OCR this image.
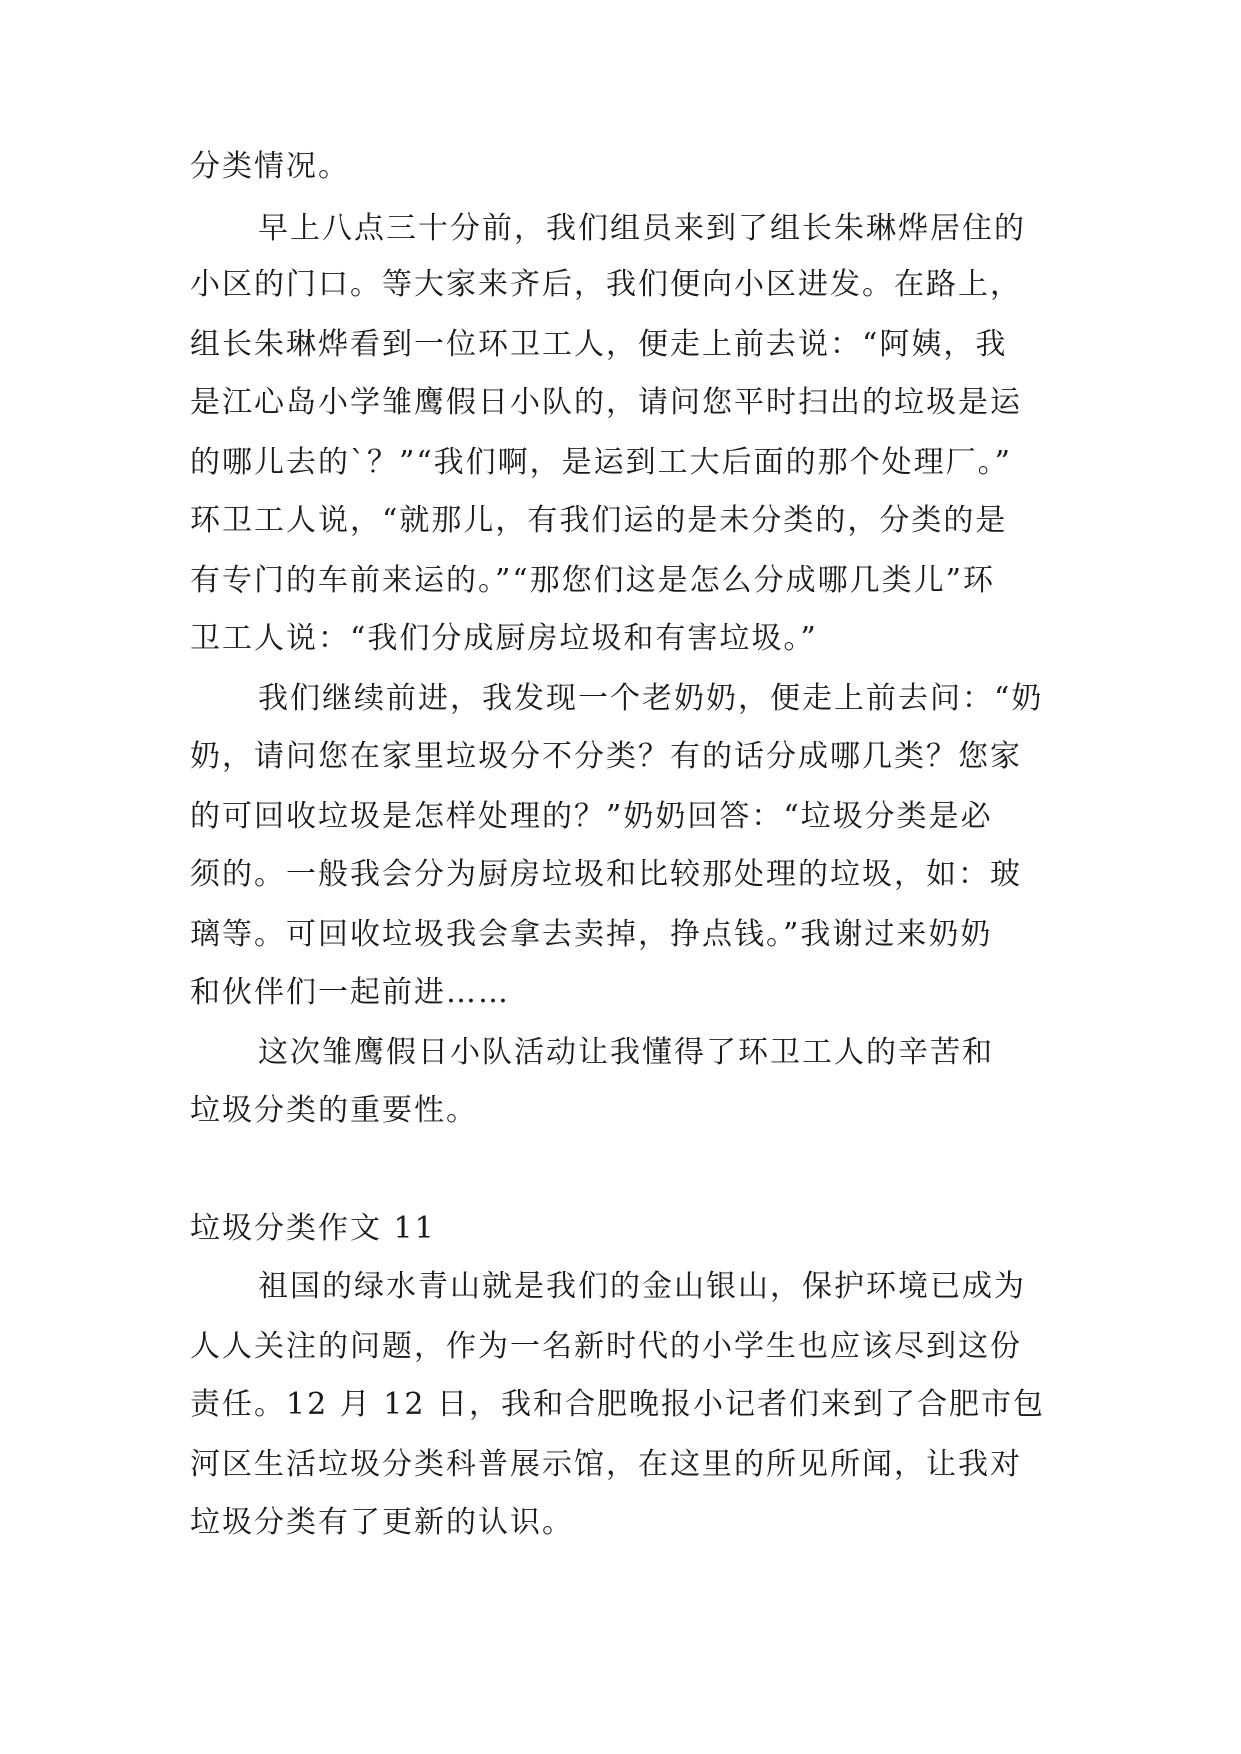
分类情况。
早上八点三十分前，我们组员来到了组长朱琳烨居住的
小区的门口。等大家来齐后，我们便向小区进发。在路上，
组长朱琳烨看到一位环卫工人，便走上前去说：“阿姨，我
是江心岛小学雏鹰假日小队的，请问您平时扫出的垃圾是运
的哪儿去的`？”“我们啊，是运到工大后面的那个处理厂。”
环卫工人说，“就那儿，有我们运的是未分类的，分类的是
有专门的车前来运的。”“那您们这是怎么分成哪几类儿”环
卫工人说：“我们分成厨房垃圾和有害垃圾。”
我们继续前进，我发现一个老奶奶，便走上前去问：“奶
奶，请问您在家里垃圾分不分类？有的话分成哪几类？您家
的可回收垃圾是怎样处理的？”奶奶回答：“垃圾分类是必
须的。一般我会分为厨房垃圾和比较那处理的垃圾，如：玻
璃等。可回收垃圾我会拿去卖掉，挣点钱。”我谢过来奶奶
和伙伴们一起前进……
这次雏鹰假日小队活动让我懂得了环卫工人的辛苦和
垃圾分类的重要性。
垃圾分类作文 11
祖国的绿水青山就是我们的金山银山，保护环境已成为
人人关注的问题，作为一名新时代的小学生也应该尽到这份
责任。12 月 12 日，我和合肥晚报小记者们来到了合肥市包
河区生活垃圾分类科普展示馆，在这里的所见所闻，让我对
垃圾分类有了更新的认识。
